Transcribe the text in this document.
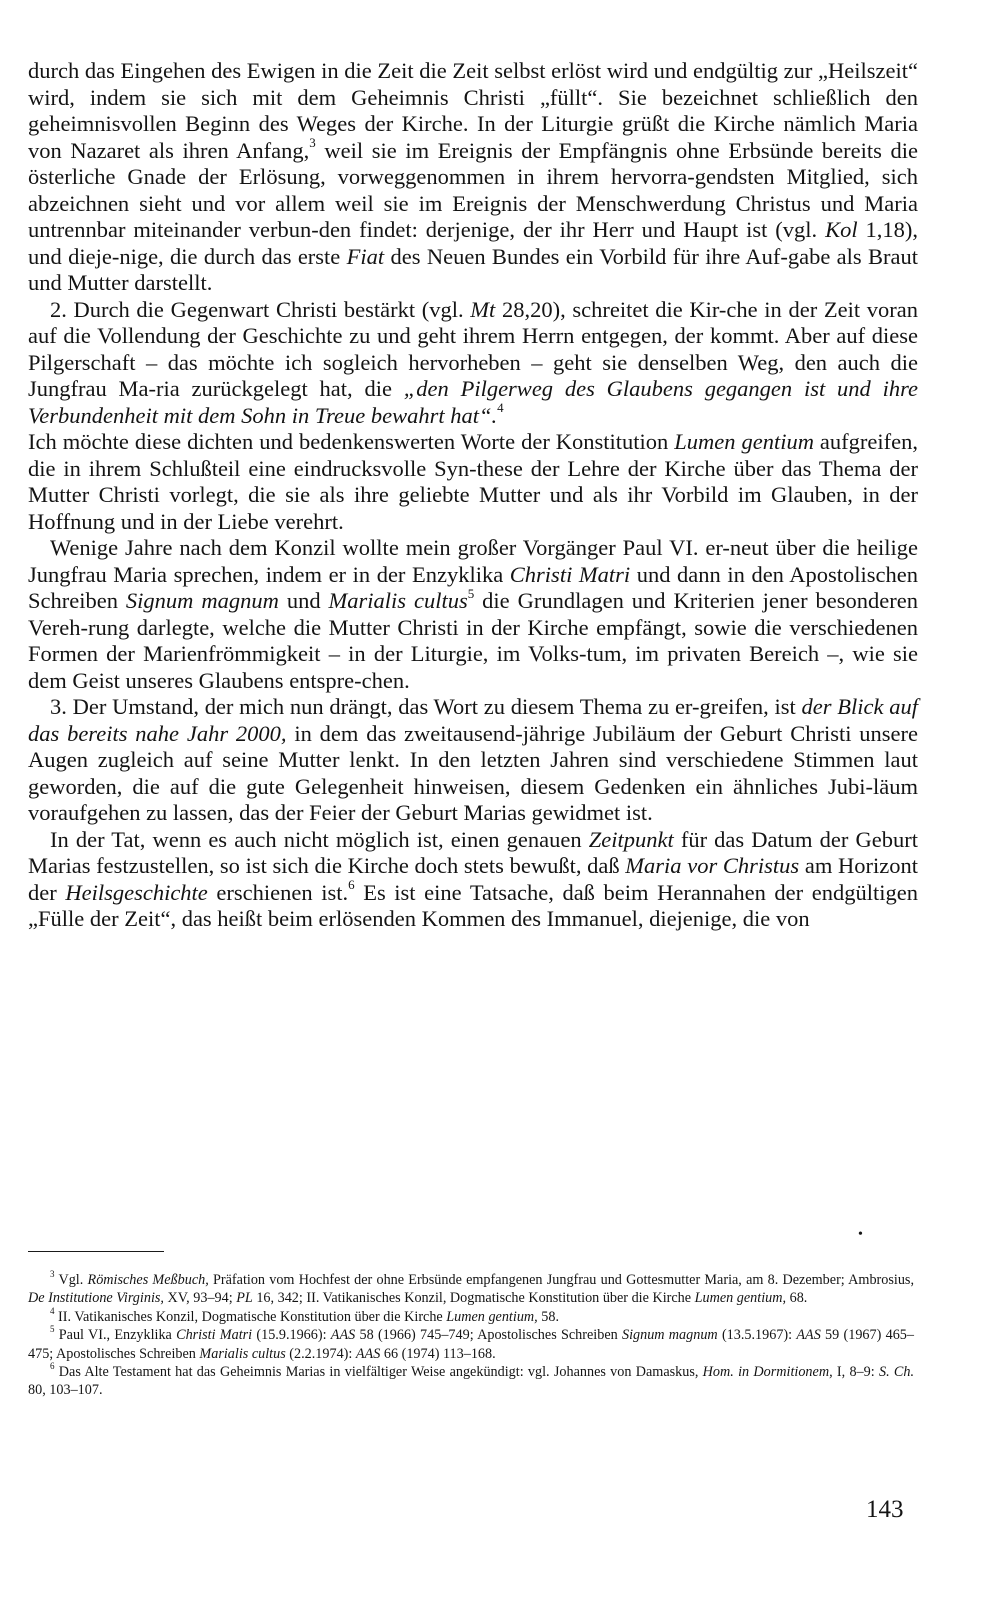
durch das Eingehen des Ewigen in die Zeit die Zeit selbst erlöst wird und endgültig zur „Heilszeit“ wird, indem sie sich mit dem Geheimnis Christi „füllt“. Sie bezeichnet schließlich den geheimnisvollen Beginn des Weges der Kirche. In der Liturgie grüßt die Kirche nämlich Maria von Nazaret als ihren Anfang,$^3$ weil sie im Ereignis der Empfängnis ohne Erbsünde bereits die österliche Gnade der Erlösung, vorweggenommen in ihrem hervorra-gendsten Mitglied, sich abzeichnen sieht und vor allem weil sie im Ereignis der Menschwerdung Christus und Maria untrennbar miteinander verbun-den findet: derjenige, der ihr Herr und Haupt ist (vgl. Kol 1,18), und dieje-nige, die durch das erste Fiat des Neuen Bundes ein Vorbild für ihre Auf-gabe als Braut und Mutter darstellt.

2. Durch die Gegenwart Christi bestärkt (vgl. Mt 28,20), schreitet die Kir-che in der Zeit voran auf die Vollendung der Geschichte zu und geht ihrem Herrn entgegen, der kommt. Aber auf diese Pilgerschaft – das möchte ich sogleich hervorheben – geht sie denselben Weg, den auch die Jungfrau Ma-ria zurückgelegt hat, die „den Pilgerweg des Glaubens gegangen ist und ihre Verbundenheit mit dem Sohn in Treue bewahrt hat“.$^4$

Ich möchte diese dichten und bedenkenswerten Worte der Konstitution Lumen gentium aufgreifen, die in ihrem Schlußteil eine eindrucksvolle Syn-these der Lehre der Kirche über das Thema der Mutter Christi vorlegt, die sie als ihre geliebte Mutter und als ihr Vorbild im Glauben, in der Hoffnung und in der Liebe verehrt.

Wenige Jahre nach dem Konzil wollte mein großer Vorgänger Paul VI. er-neut über die heilige Jungfrau Maria sprechen, indem er in der Enzyklika Christi Matri und dann in den Apostolischen Schreiben Signum magnum und Marialis cultus$^5$ die Grundlagen und Kriterien jener besonderen Vereh-rung darlegte, welche die Mutter Christi in der Kirche empfängt, sowie die verschiedenen Formen der Marienfrömmigkeit – in der Liturgie, im Volks-tum, im privaten Bereich –, wie sie dem Geist unseres Glaubens entspre-chen.

3. Der Umstand, der mich nun drängt, das Wort zu diesem Thema zu er-greifen, ist der Blick auf das bereits nahe Jahr 2000, in dem das zweitausend-jährige Jubiläum der Geburt Christi unsere Augen zugleich auf seine Mutter lenkt. In den letzten Jahren sind verschiedene Stimmen laut geworden, die auf die gute Gelegenheit hinweisen, diesem Gedenken ein ähnliches Jubi-läum voraufgehen zu lassen, das der Feier der Geburt Marias gewidmet ist.

In der Tat, wenn es auch nicht möglich ist, einen genauen Zeitpunkt für das Datum der Geburt Marias festzustellen, so ist sich die Kirche doch stets bewußt, daß Maria vor Christus am Horizont der Heilsgeschichte erschienen ist.$^6$ Es ist eine Tatsache, daß beim Herannahen der endgültigen „Fülle der Zeit“, das heißt beim erlösenden Kommen des Immanuel, diejenige, die von

•

$^3$ Vgl. Römisches Meßbuch, Präfation vom Hochfest der ohne Erbsünde empfangenen Jungfrau und Gottesmutter Maria, am 8. Dezember; Ambrosius, De Institutione Virginis, XV, 93–94; PL 16, 342; II. Vatikanisches Konzil, Dogmatische Konstitution über die Kirche Lumen gentium, 68.

$^4$ II. Vatikanisches Konzil, Dogmatische Konstitution über die Kirche Lumen gentium, 58.

$^5$ Paul VI., Enzyklika Christi Matri (15.9.1966): AAS 58 (1966) 745–749; Apostolisches Schreiben Signum magnum (13.5.1967): AAS 59 (1967) 465–475; Apostolisches Schreiben Marialis cultus (2.2.1974): AAS 66 (1974) 113–168.

$^6$ Das Alte Testament hat das Geheimnis Marias in vielfältiger Weise angekündigt: vgl. Johannes von Damaskus, Hom. in Dormitionem, I, 8–9: S. Ch. 80, 103–107.

143
